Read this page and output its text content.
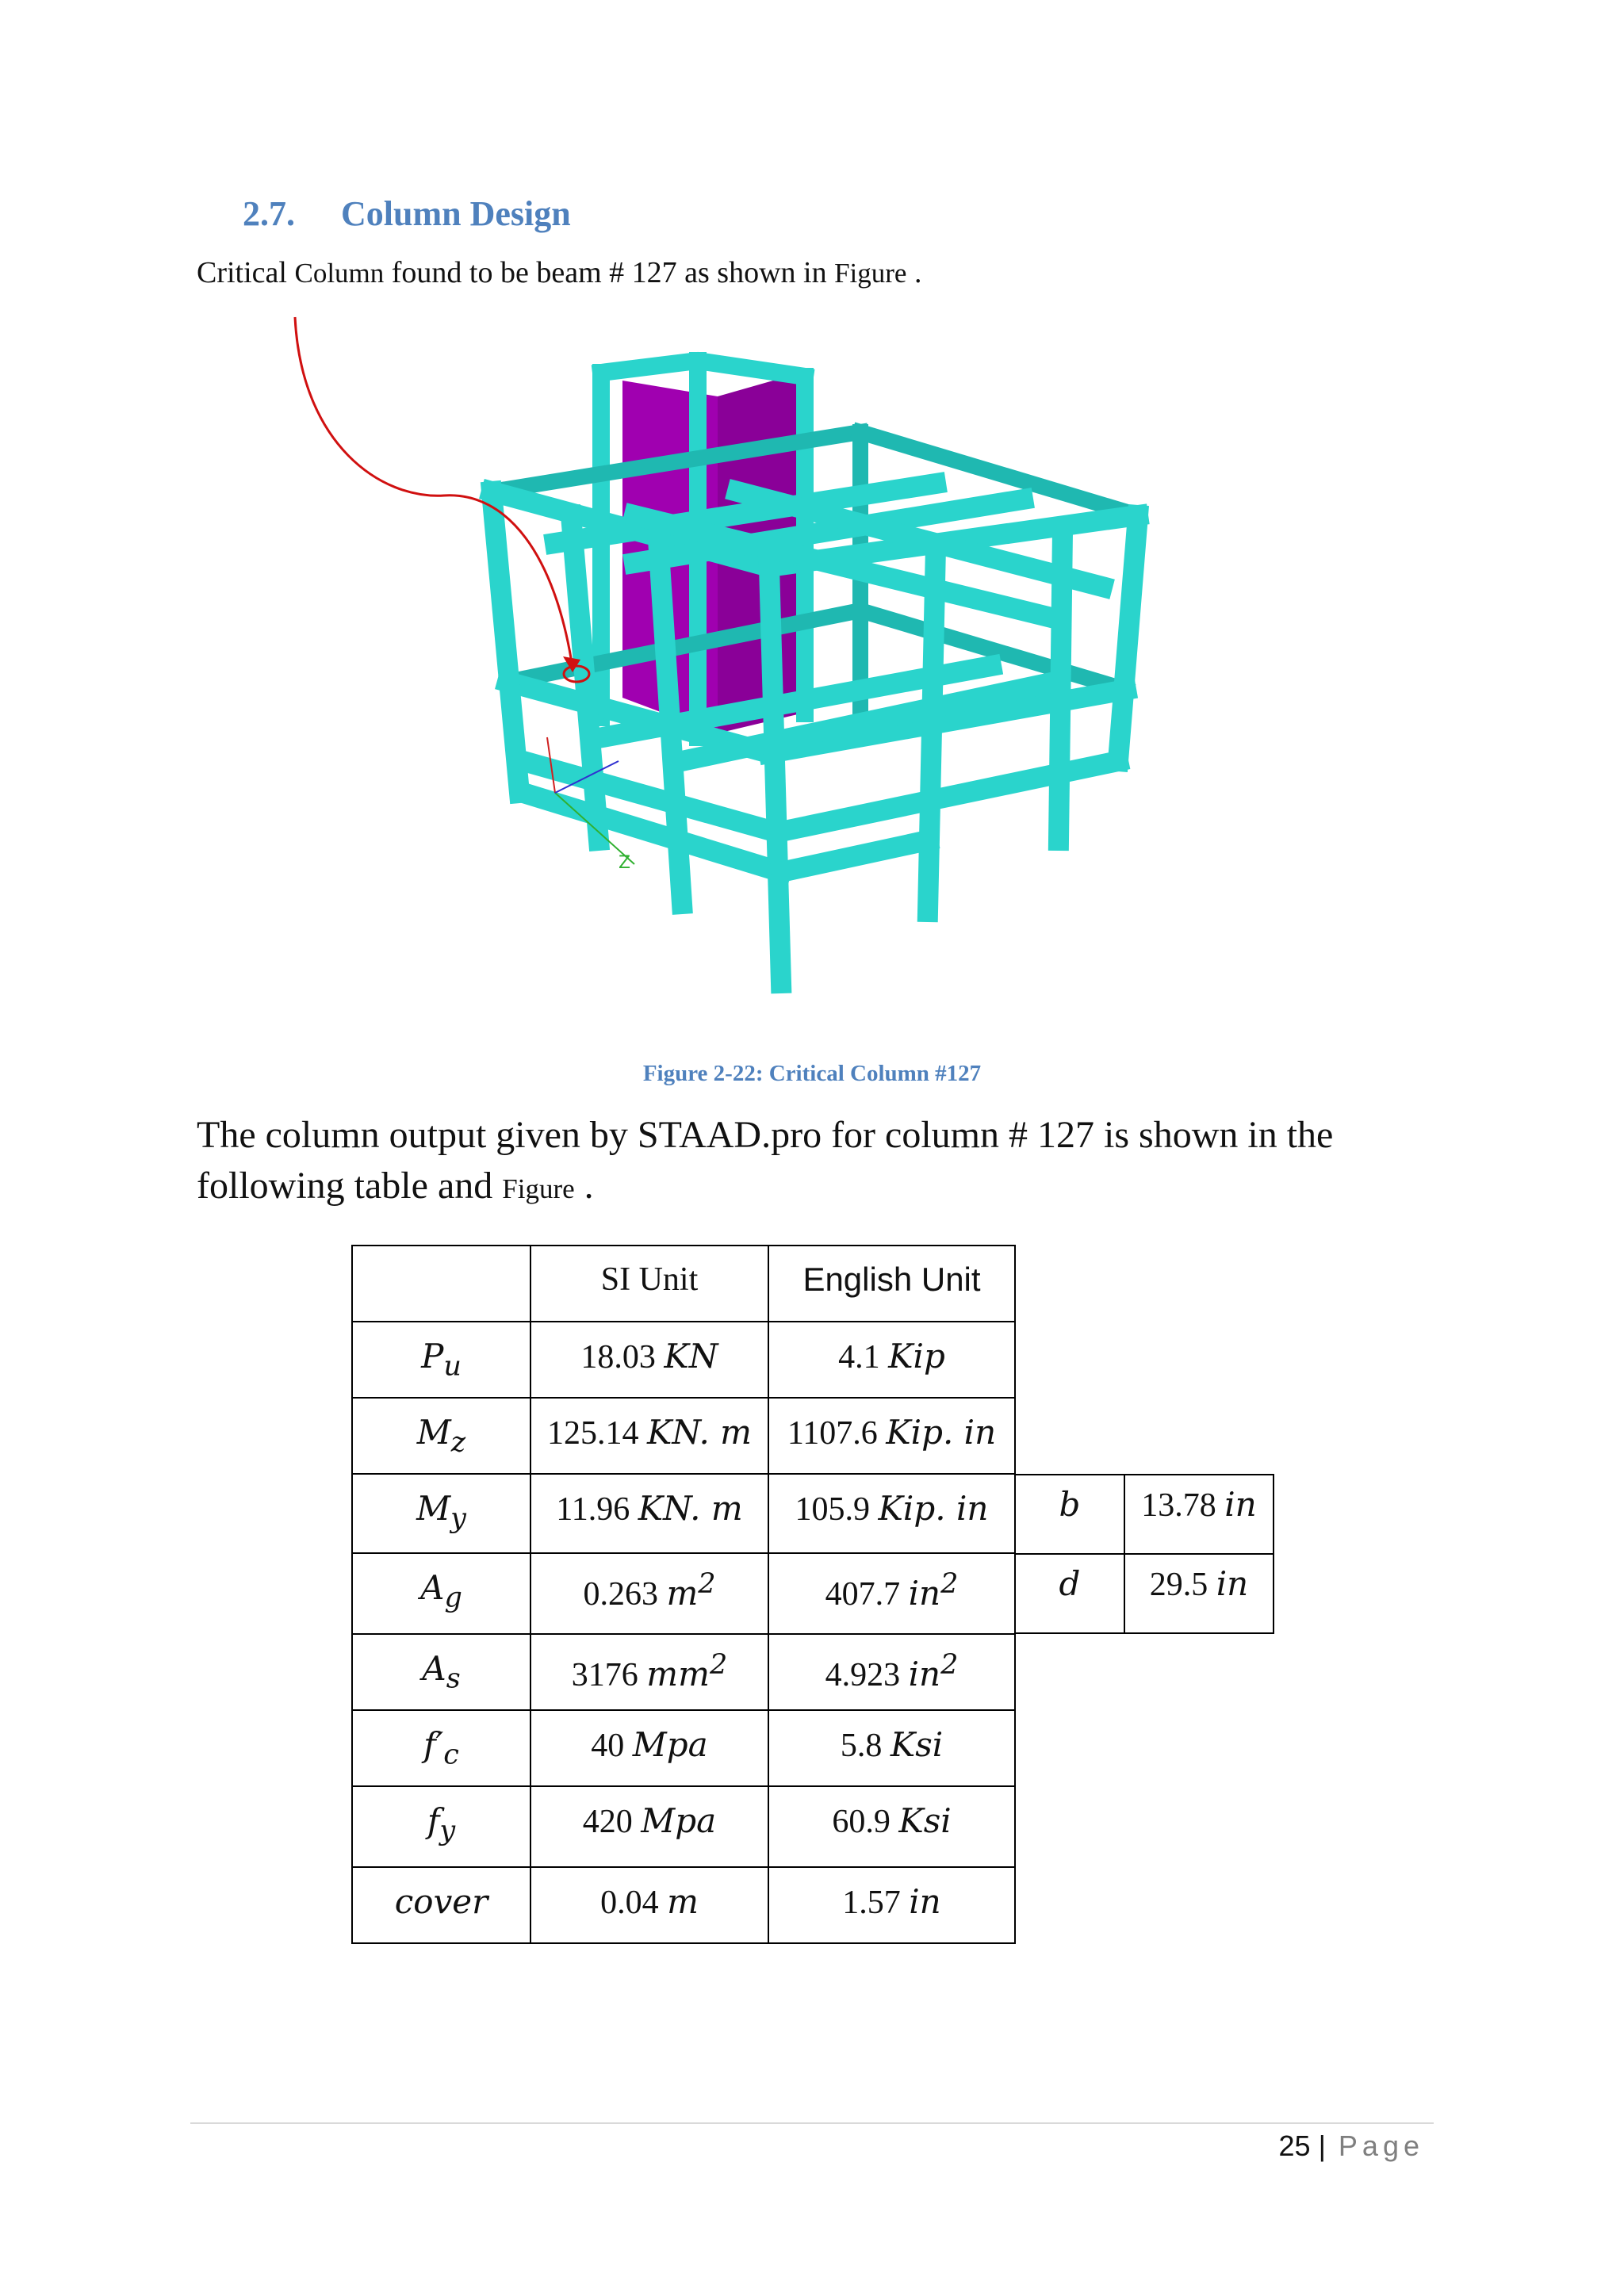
2.7. Column Design
Critical Column found to be beam # 127 as shown in Figure .
Z
Figure 2-22: Critical Column #127
The column output given by STAAD.pro for column # 127 is shown in the following table and Figure .
	SI Unit	English Unit
$P_u$	18.03 KN	4.1 Kip
$M_z$	125.14 KN. m	1107.6 Kip. in
$M_y$	11.96 KN. m	105.9 Kip. in
$A_g$	0.263 $m^2$	407.7 $in^2$
$A_s$	3176 $mm^2$	4.923 $in^2$
$f'_c$	40 Mpa	5.8 Ksi
$f_y$	420 Mpa	60.9 Ksi
cover	0.04 m	1.57 in
b	13.78 in
d	29.5 in
25 | Page
